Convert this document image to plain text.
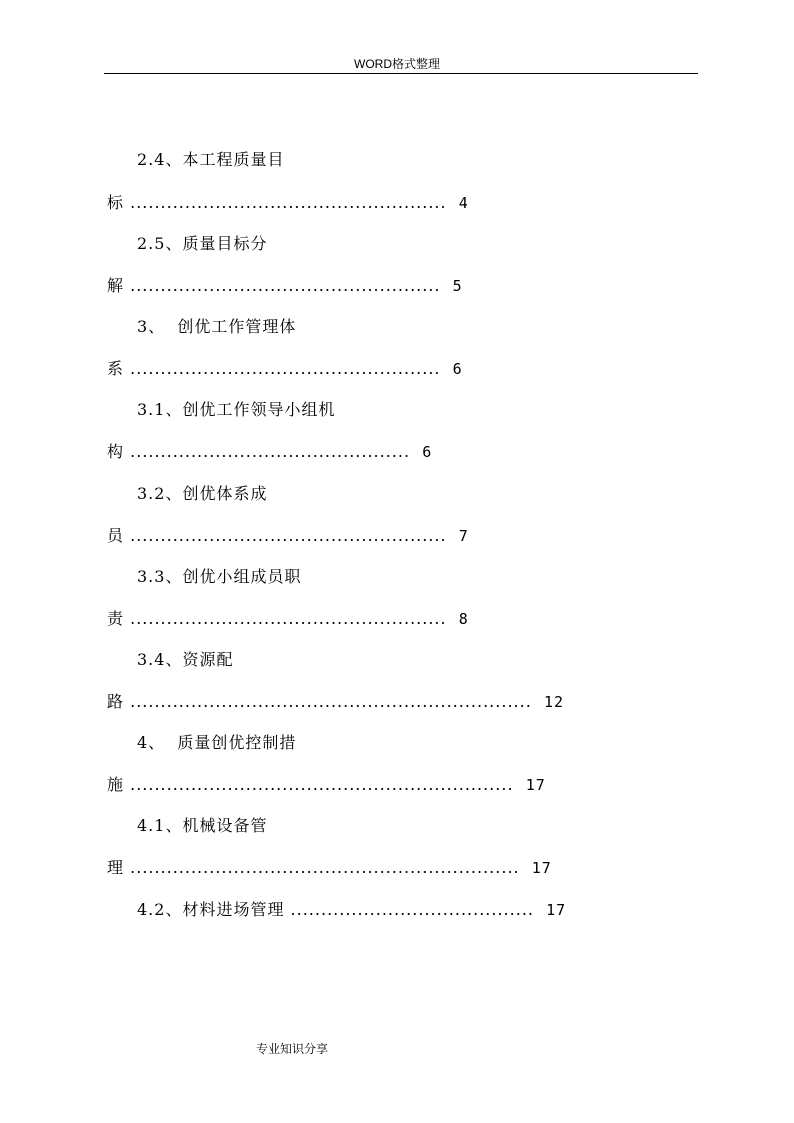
WORD格式整理
2.4、本工程质量目
标 .................................................... 4
2.5、质量目标分
解 ................................................... 5
3、  创优工作管理体
系 ................................................... 6
3.1、创优工作领导小组机
构 .............................................. 6
3.2、创优体系成
员 .................................................... 7
3.3、创优小组成员职
责 .................................................... 8
3.4、资源配
路 .................................................................. 12
4、  质量创优控制措
施 ............................................................... 17
4.1、机械设备管
理 ................................................................ 17
4.2、材料进场管理 ........................................ 17
专业知识分享
